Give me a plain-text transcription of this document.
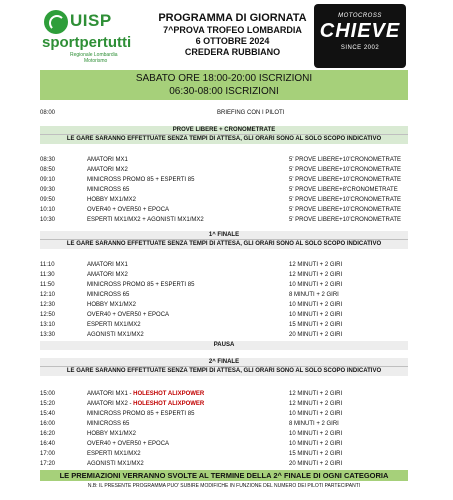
UISP
sportpertutti
Regionale Lombardia
Motorismo
PROGRAMMA DI GIORNATA
7^PROVA TROFEO LOMBARDIA
6 OTTOBRE 2024
CREDERA RUBBIANO
MOTOCROSS
CHIEVE
SINCE 2002
SABATO ORE 18:00-20:00 ISCRIZIONI
06:30-08:00 ISCRIZIONI
08:00	BRIEFING CON I PILOTI
PROVE LIBERE + CRONOMETRATE
LE GARE SARANNO EFFETTUATE SENZA TEMPI DI ATTESA, GLI ORARI SONO AL SOLO SCOPO INDICATIVO
08:30	AMATORI MX1	5' PROVE LIBERE+10'CRONOMETRATE
08:50	AMATORI MX2	5' PROVE LIBERE+10'CRONOMETRATE
09:10	MINICROSS PROMO 85 + ESPERTI 85	5' PROVE LIBERE+10'CRONOMETRATE
09:30	MINICROSS 65	5' PROVE LIBERE+8'CRONOMETRATE
09:50	HOBBY MX1/MX2	5' PROVE LIBERE+10'CRONOMETRATE
10:10	OVER40 + OVER50 + EPOCA	5' PROVE LIBERE+10'CRONOMETRATE
10:30	ESPERTI MX1/MX2 + AGONISTI MX1/MX2	5' PROVE LIBERE+10'CRONOMETRATE
1^ FINALE
LE GARE SARANNO EFFETTUATE SENZA TEMPI DI ATTESA, GLI ORARI SONO AL SOLO SCOPO INDICATIVO
11:10	AMATORI MX1	12 MINUTI + 2 GIRI
11:30	AMATORI MX2	12 MINUTI + 2 GIRI
11:50	MINICROSS PROMO 85 + ESPERTI 85	10 MINUTI + 2 GIRI
12:10	MINICROSS 65	8 MINUTI + 2 GIRI
12:30	HOBBY MX1/MX2	10 MINUTI + 2 GIRI
12:50	OVER40 + OVER50 + EPOCA	10 MINUTI + 2 GIRI
13:10	ESPERTI MX1/MX2	15 MINUTI + 2 GIRI
13:30	AGONISTI MX1/MX2	20 MINUTI + 2 GIRI
PAUSA
2^ FINALE
LE GARE SARANNO EFFETTUATE SENZA TEMPI DI ATTESA, GLI ORARI SONO AL SOLO SCOPO INDICATIVO
15:00	AMATORI MX1 - HOLESHOT ALIXPOWER	12 MINUTI + 2 GIRI
15:20	AMATORI MX2 - HOLESHOT ALIXPOWER	12 MINUTI + 2 GIRI
15:40	MINICROSS PROMO 85 + ESPERTI 85	10 MINUTI + 2 GIRI
16:00	MINICROSS 65	8 MINUTI + 2 GIRI
16:20	HOBBY MX1/MX2	10 MINUTI + 2 GIRI
16:40	OVER40 + OVER50 + EPOCA	10 MINUTI + 2 GIRI
17:00	ESPERTI MX1/MX2	15 MINUTI + 2 GIRI
17:20	AGONISTI MX1/MX2	20 MINUTI + 2 GIRI
LE PREMIAZIONI VERRANNO SVOLTE AL TERMINE DELLA 2^ FINALE DI OGNI CATEGORIA
N.B: IL PRESENTE PROGRAMMA PUO' SUBIRE MODIFICHE IN FUNZIONE DEL NUMERO DEI PILOTI PARTECIPANTI
